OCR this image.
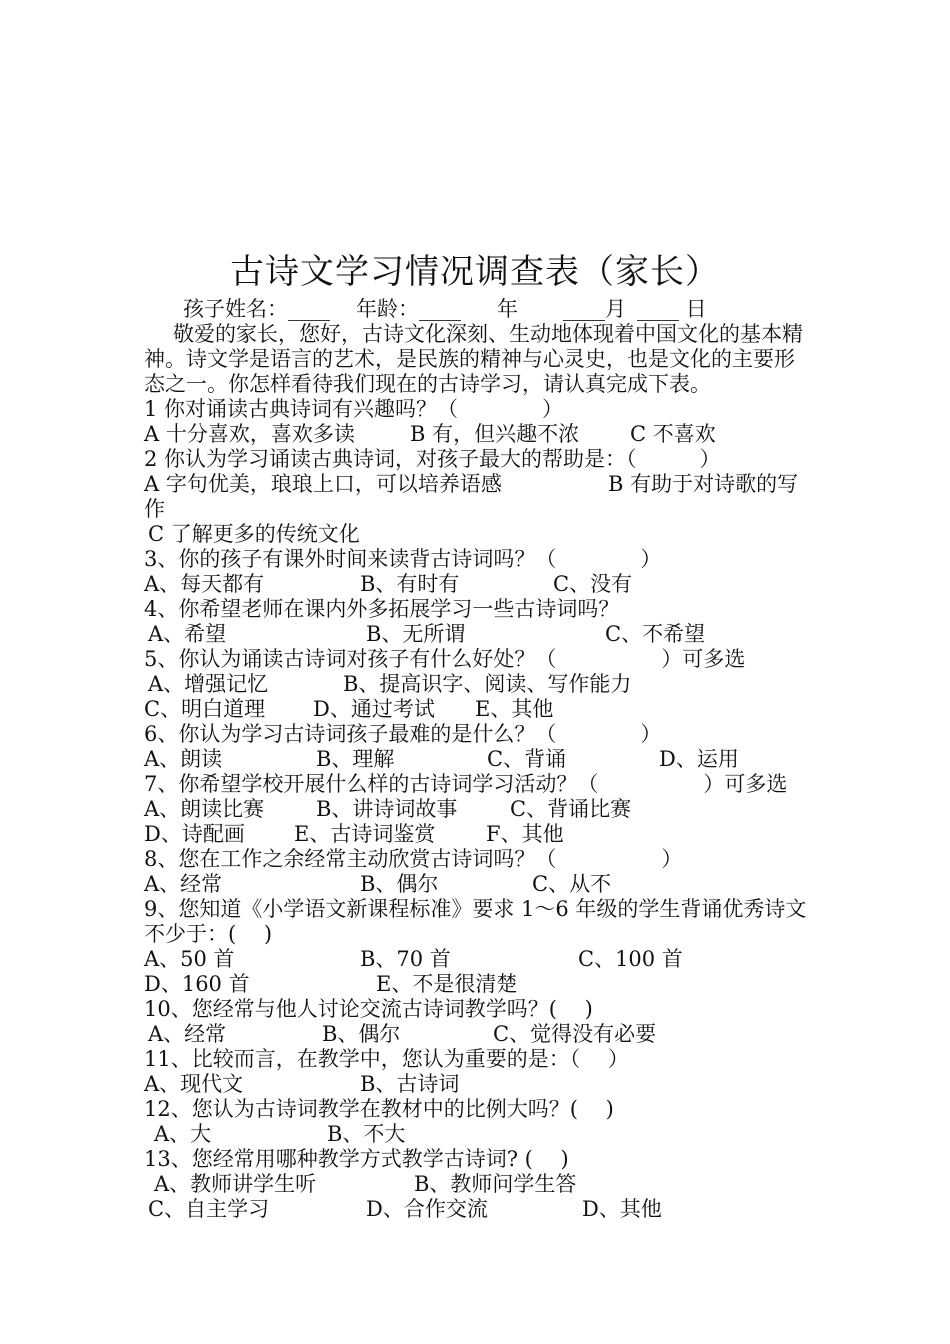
古诗文学习情况调查表（家长）
孩子姓名：____ 年龄：____ 年 ____月 ____ 日
敬爱的家长，您好，古诗文化深刻、生动地体现着中国文化的基本精神。诗文学是语言的艺术，是民族的精神与心灵史，也是文化的主要形态之一。你怎样看待我们现在的古诗学习，请认真完成下表。
1 你对诵读古典诗词有兴趣吗？（　　　　）
A 十分喜欢，喜欢多读	B 有，但兴趣不浓 C 不喜欢
2 你认为学习诵读古典诗词，对孩子最大的帮助是：（　　　）
A 字句优美，琅琅上口，可以培养语感	B 有助于对诗歌的写
作
C 了解更多的传统文化
3、你的孩子有课外时间来读背古诗词吗？（　　　　）
A、每天都有	B、有时有	C、没有
4、你希望老师在课内外多拓展学习一些古诗词吗？
A、希望	B、无所谓	C、不希望
5、你认为诵读古诗词对孩子有什么好处？（　　　　　）可多选
A、增强记忆	B、提高识字、阅读、写作能力
C、明白道理 D、通过考试 E、其他
6、你认为学习古诗词孩子最难的是什么？（　　　　）
A、朗读	B、理解	C、背诵	D、运用
7、你希望学校开展什么样的古诗词学习活动？（　　　　　）可多选
A、朗读比赛 B、讲诗词故事	C、背诵比赛
D、诗配画 E、古诗词鉴赏 F、其他
8、您在工作之余经常主动欣赏古诗词吗？（　　　　　）
A、经常	B、偶尔	C、从不
9、您知道《小学语文新课程标准》要求 1～6 年级的学生背诵优秀诗文
不少于：(　 )
A、50 首	B、70 首	C、100 首
D、160 首	E、不是很清楚
10、您经常与他人讨论交流古诗词教学吗？(　 )
A、经常	B、偶尔	C、觉得没有必要
11、比较而言，在教学中，您认为重要的是：（　 ）
A、现代文	B、古诗词
12、您认为古诗词教学在教材中的比例大吗？(　 )
A、大	B、不大
13、您经常用哪种教学方式教学古诗词? (　 )
A、教师讲学生听	B、教师问学生答
C、自主学习	D、合作交流	D、其他
